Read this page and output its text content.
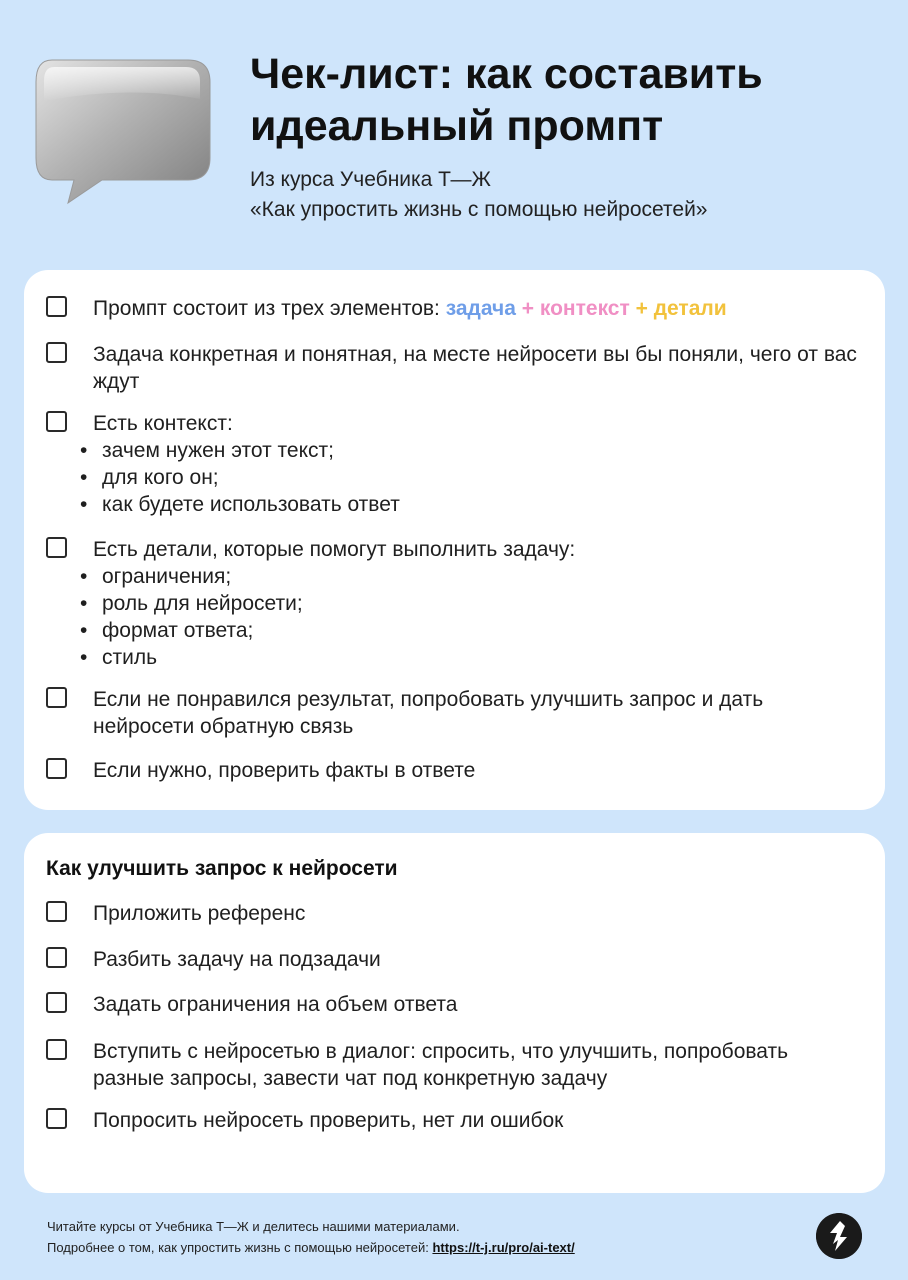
Чек-лист: как составить
идеальный промпт
Из курса Учебника Т—Ж
«Как упростить жизнь с помощью нейросетей»
Промпт состоит из трех элементов: задача + контекст + детали
Задача конкретная и понятная, на месте нейросети вы бы поняли, чего от вас ждут
Есть контекст:
• зачем нужен этот текст;
• для кого он;
• как будете использовать ответ
Есть детали, которые помогут выполнить задачу:
• ограничения;
• роль для нейросети;
• формат ответа;
• стиль
Если не понравился результат, попробовать улучшить запрос и дать нейросети обратную связь
Если нужно, проверить факты в ответе
Как улучшить запрос к нейросети
Приложить референс
Разбить задачу на подзадачи
Задать ограничения на объем ответа
Вступить с нейросетью в диалог: спросить, что улучшить, попробовать разные запросы, завести чат под конкретную задачу
Попросить нейросеть проверить, нет ли ошибок
Читайте курсы от Учебника Т—Ж и делитесь нашими материалами.
Подробнее о том, как упростить жизнь с помощью нейросетей: https://t-j.ru/pro/ai-text/
